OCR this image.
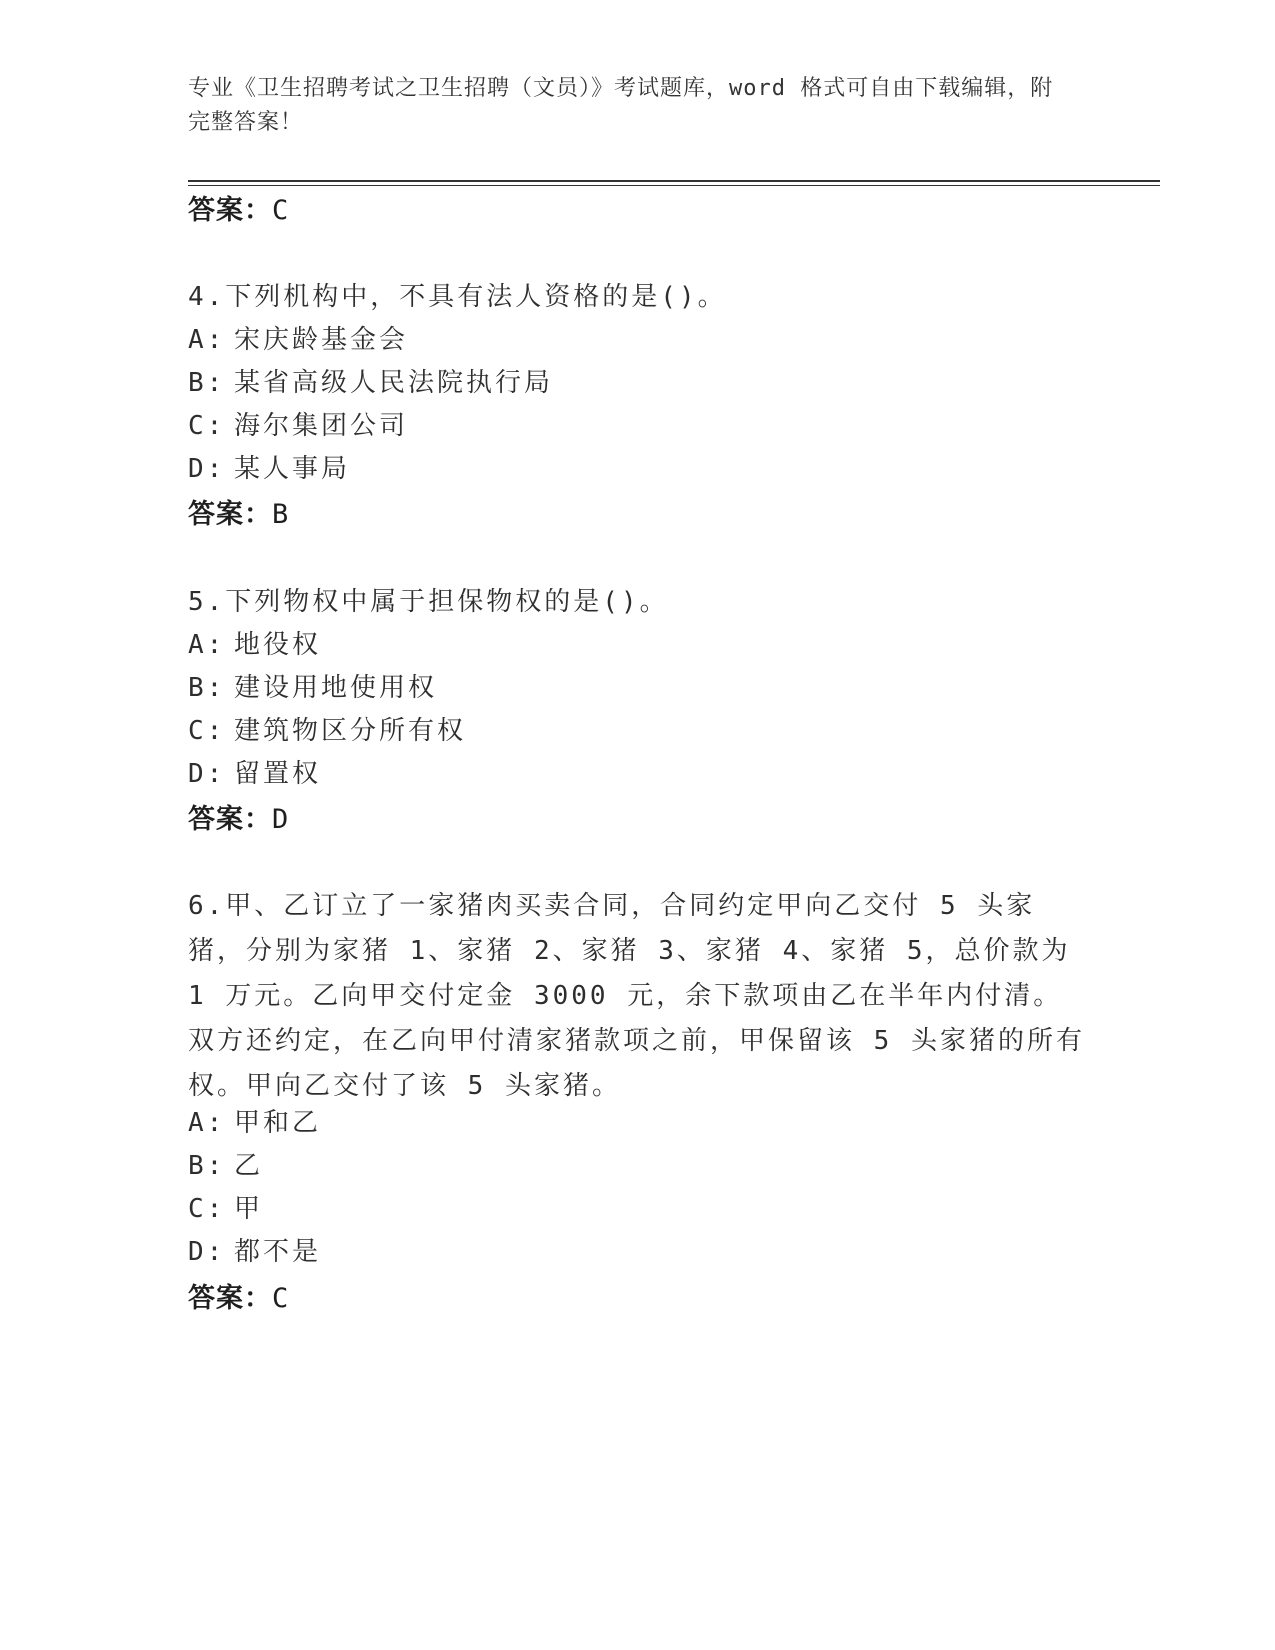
专业《卫生招聘考试之卫生招聘（文员）》考试题库，word 格式可自由下载编辑，附完整答案！
答案：C
4.下列机构中，不具有法人资格的是()。
A: 宋庆龄基金会
B: 某省高级人民法院执行局
C: 海尔集团公司
D: 某人事局
答案：B
5.下列物权中属于担保物权的是()。
A: 地役权
B: 建设用地使用权
C: 建筑物区分所有权
D: 留置权
答案：D
6.甲、乙订立了一家猪肉买卖合同，合同约定甲向乙交付 5 头家猪，分别为家猪 1、家猪 2、家猪 3、家猪 4、家猪 5，总价款为 1 万元。乙向甲交付定金 3000 元，余下款项由乙在半年内付清。双方还约定，在乙向甲付清家猪款项之前，甲保留该 5 头家猪的所有权。甲向乙交付了该 5 头家猪。
A: 甲和乙
B: 乙
C: 甲
D: 都不是
答案：C
